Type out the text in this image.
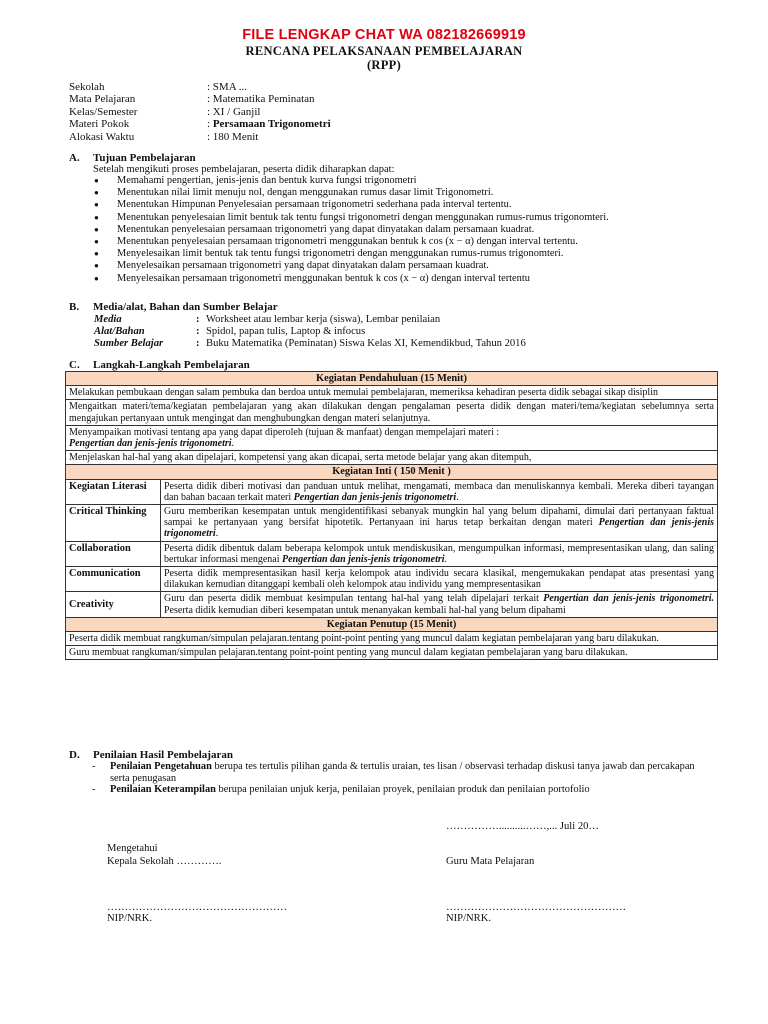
FILE LENGKAP CHAT WA 082182669919
RENCANA PELAKSANAAN PEMBELAJARAN
(RPP)
Sekolah	: SMA ...
Mata Pelajaran	: Matematika Peminatan
Kelas/Semester	: XI / Ganjil
Materi Pokok	: Persamaan Trigonometri
Alokasi Waktu	: 180 Menit
A. Tujuan Pembelajaran
Setelah mengikuti proses pembelajaran, peserta didik diharapkan dapat:
● Memahami pengertian, jenis-jenis dan bentuk kurva fungsi trigonometri
● Menentukan nilai limit menuju nol, dengan menggunakan rumus dasar limit Trigonometri.
● Menentukan Himpunan Penyelesaian persamaan trigonometri sederhana pada interval tertentu.
● Menentukan penyelesaian limit bentuk tak tentu fungsi trigonometri dengan menggunakan rumus-rumus trigonomteri.
● Menentukan penyelesaian persamaan trigonometri yang dapat dinyatakan dalam persamaan kuadrat.
● Menentukan penyelesaian persamaan trigonometri menggunakan bentuk k cos (x − α) dengan interval tertentu.
● Menyelesaikan limit bentuk tak tentu fungsi trigonometri dengan menggunakan rumus-rumus trigonomteri.
● Menyelesaikan persamaan trigonometri yang dapat dinyatakan dalam persamaan kuadrat.
● Menyelesaikan persamaan trigonometri menggunakan bentuk k cos (x − α) dengan interval tertentu
B. Media/alat, Bahan dan Sumber Belajar
Media	: Worksheet atau lembar kerja (siswa), Lembar penilaian
Alat/Bahan	: Spidol, papan tulis, Laptop & infocus
Sumber Belajar	: Buku Matematika (Peminatan) Siswa Kelas XI, Kemendikbud, Tahun 2016
C. Langkah-Langkah Pembelajaran
Kegiatan Pendahuluan (15 Menit)	
Melakukan pembukaan dengan salam pembuka dan berdoa untuk memulai pembelajaran, memeriksa kehadiran peserta didik sebagai sikap disiplin	
Mengaitkan materi/tema/kegiatan pembelajaran yang akan dilakukan dengan pengalaman peserta didik dengan materi/tema/kegiatan sebelumnya serta mengajukan pertanyaan untuk mengingat dan menghubungkan dengan materi selanjutnya.	
Menyampaikan motivasi tentang apa yang dapat diperoleh (tujuan & manfaat) dengan mempelajari materi :
Pengertian dan jenis-jenis trigonometri.	
Menjelaskan hal-hal yang akan dipelajari, kompetensi yang akan dicapai, serta metode belajar yang akan ditempuh,	
Kegiatan Inti ( 150 Menit )	
Kegiatan Literasi	Peserta didik diberi motivasi dan panduan untuk melihat, mengamati, membaca dan menuliskannya kembali. Mereka diberi tayangan dan bahan bacaan terkait materi Pengertian dan jenis-jenis trigonometri.
Critical Thinking	Guru memberikan kesempatan untuk mengidentifikasi sebanyak mungkin hal yang belum dipahami, dimulai dari pertanyaan faktual sampai ke pertanyaan yang bersifat hipotetik. Pertanyaan ini harus tetap berkaitan dengan materi Pengertian dan jenis-jenis trigonometri.
Collaboration	Peserta didik dibentuk dalam beberapa kelompok untuk mendiskusikan, mengumpulkan informasi, mempresentasikan ulang, dan saling bertukar informasi mengenai Pengertian dan jenis-jenis trigonometri.
Communication	Peserta didik mempresentasikan hasil kerja kelompok atau individu secara klasikal, mengemukakan pendapat atas presentasi yang dilakukan kemudian ditanggapi kembali oleh kelompok atau individu yang mempresentasikan
Creativity	Guru dan peserta didik membuat kesimpulan tentang hal-hal yang telah dipelajari terkait Pengertian dan jenis-jenis trigonometri. Peserta didik kemudian diberi kesempatan untuk menanyakan kembali hal-hal yang belum dipahami
Kegiatan Penutup (15 Menit)	
Peserta didik membuat rangkuman/simpulan pelajaran.tentang point-point penting yang muncul dalam kegiatan pembelajaran yang baru dilakukan.	
Guru membuat rangkuman/simpulan pelajaran.tentang point-point penting yang muncul dalam kegiatan pembelajaran yang baru dilakukan.	
D. Penilaian Hasil Pembelajaran
-	Penilaian Pengetahuan berupa tes tertulis pilihan ganda & tertulis uraian, tes lisan / observasi terhadap diskusi tanya jawab dan percakapan serta penugasan
-	Penilaian Keterampilan berupa penilaian unjuk kerja, penilaian proyek, penilaian produk dan penilaian portofolio
……………..........……,... Juli 20…
Mengetahui
Kepala Sekolah ………….	Guru Mata Pelajaran
……………………………………………	……………………………………………
NIP/NRK.	NIP/NRK.
